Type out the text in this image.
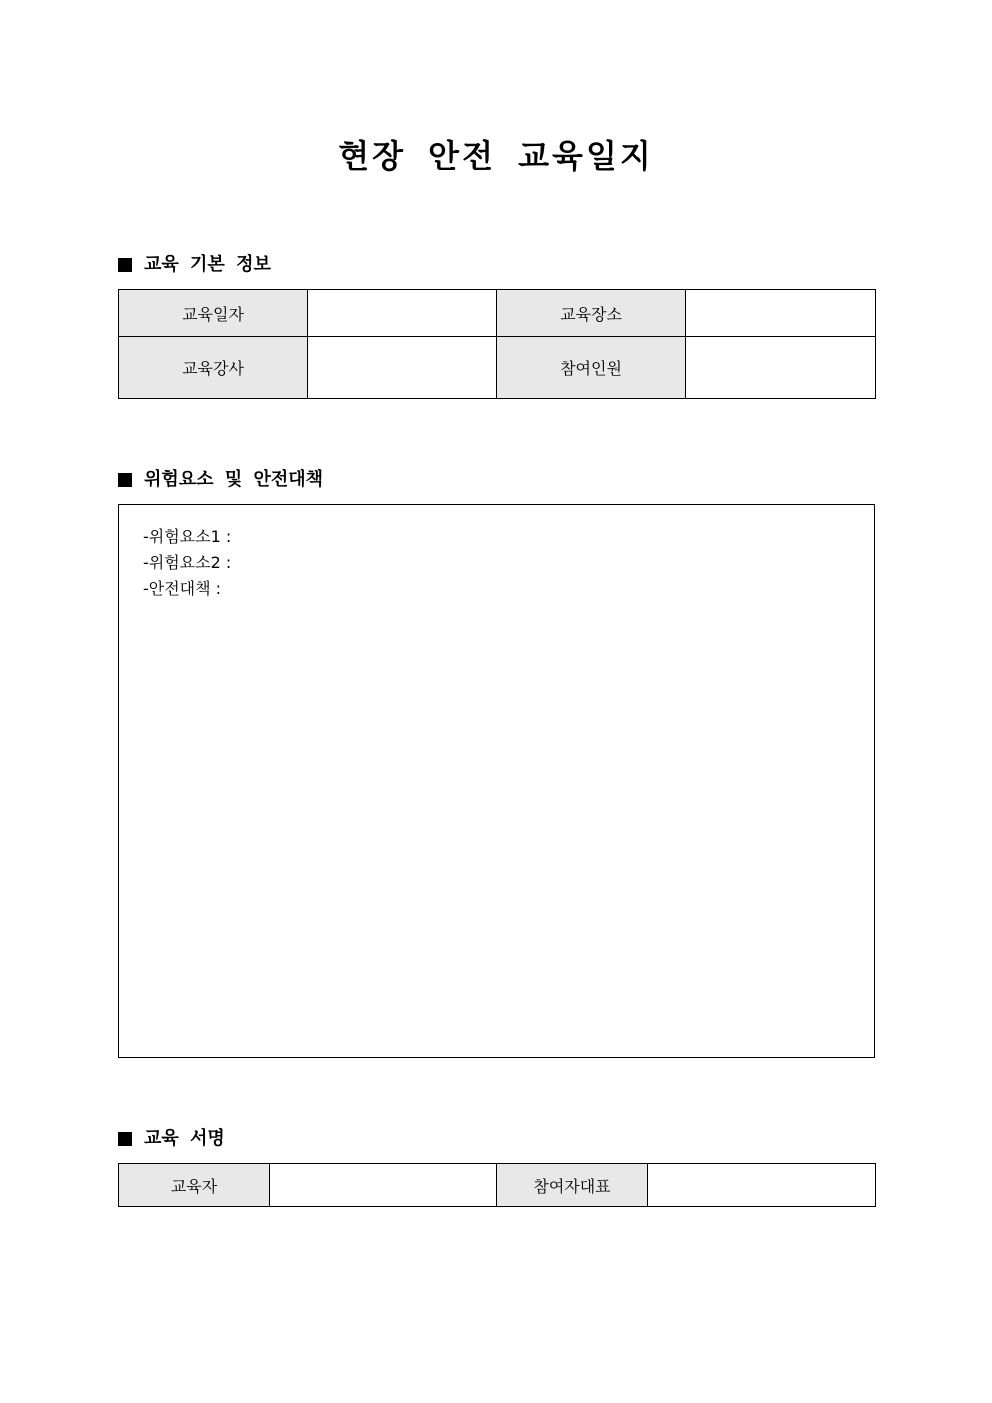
현장 안전 교육일지
교육 기본 정보
교육일자		교육장소	
교육강사		참여인원	
위험요소 및 안전대책
-위험요소1 :
-위험요소2 :
-안전대책 :
교육 서명
교육자		참여자대표	
